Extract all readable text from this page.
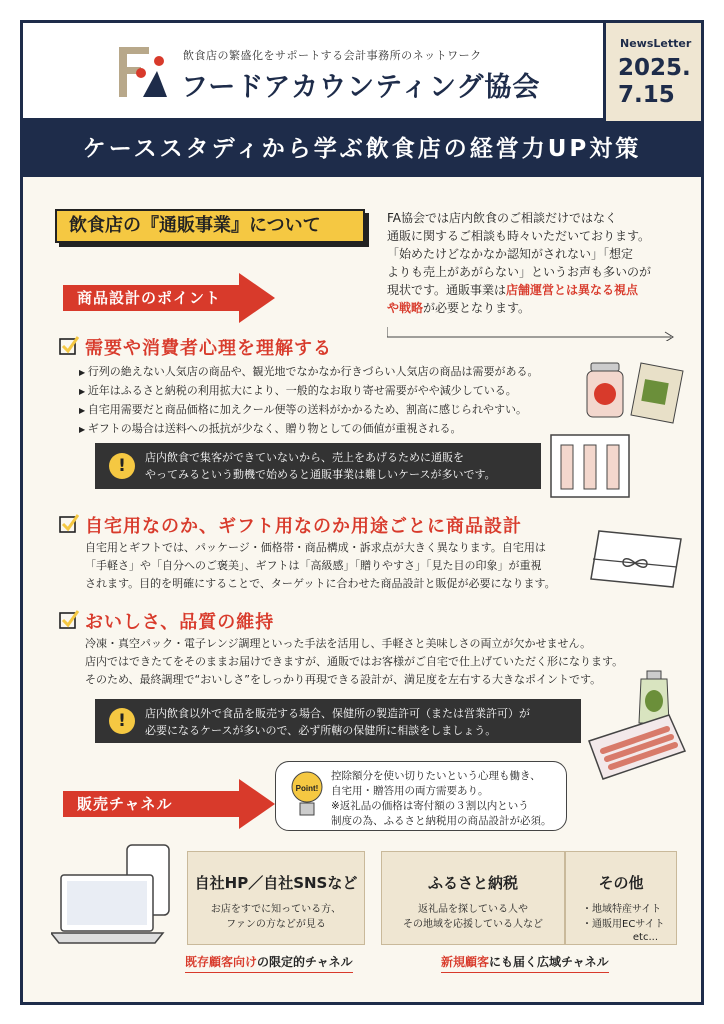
飲食店の繁盛化をサポートする会計事務所のネットワーク
フードアカウンティング協会
NewsLetter
2025.
7.15
ケーススタディから学ぶ飲食店の経営力UP対策
飲食店の『通販事業』について	FA協会では店内飲食のご相談だけではなく
通販に関するご相談も時々いただいております。
「始めたけどなかなか認知がされない」「想定
よりも売上があがらない」というお声も多いのが
現状です。通販事業は店舗運営とは異なる視点
や戦略が必要となります。
商品設計のポイント
需要や消費者心理を理解する
▶ 行列の絶えない人気店の商品や、観光地でなかなか行きづらい人気店の商品は需要がある。
▶ 近年はふるさと納税の利用拡大により、一般的なお取り寄せ需要がやや減少している。
▶ 自宅用需要だと商品価格に加えクール便等の送料がかかるため、割高に感じられやすい。
▶ ギフトの場合は送料への抵抗が少なく、贈り物としての価値が重視される。
!	店内飲食で集客ができていないから、売上をあげるために通販を
やってみるという動機で始めると通販事業は難しいケースが多いです。
自宅用なのか、ギフト用なのか用途ごとに商品設計
自宅用とギフトでは、パッケージ・価格帯・商品構成・訴求点が大きく異なります。自宅用は
「手軽さ」や「自分へのご褒美」、ギフトは「高級感」「贈りやすさ」「見た目の印象」が重視
されます。目的を明確にすることで、ターゲットに合わせた商品設計と販促が必要になります。
おいしさ、品質の維持
冷凍・真空パック・電子レンジ調理といった手法を活用し、手軽さと美味しさの両立が欠かせません。
店内ではできたてをそのままお届けできますが、通販ではお客様がご自宅で仕上げていただく形になります。
そのため、最終調理で“おいしさ”をしっかり再現できる設計が、満足度を左右する大きなポイントです。
!	店内飲食以外で食品を販売する場合、保健所の製造許可（または営業許可）が
必要になるケースが多いので、必ず所轄の保健所に相談をしましょう。
販売チャネル
Point!
控除額分を使い切りたいという心理も働き、
自宅用・贈答用の両方需要あり。
※返礼品の価格は寄付額の３割以内という
制度の為、ふるさと納税用の商品設計が必須。
自社HP／自社SNSなど
お店をすでに知っている方、
ファンの方などが見る
ふるさと納税
返礼品を探している人や
その地域を応援している人など
その他
・地域特産サイト
・通販用ECサイト
etc...
既存顧客向けの限定的チャネル	新規顧客にも届く広域チャネル
